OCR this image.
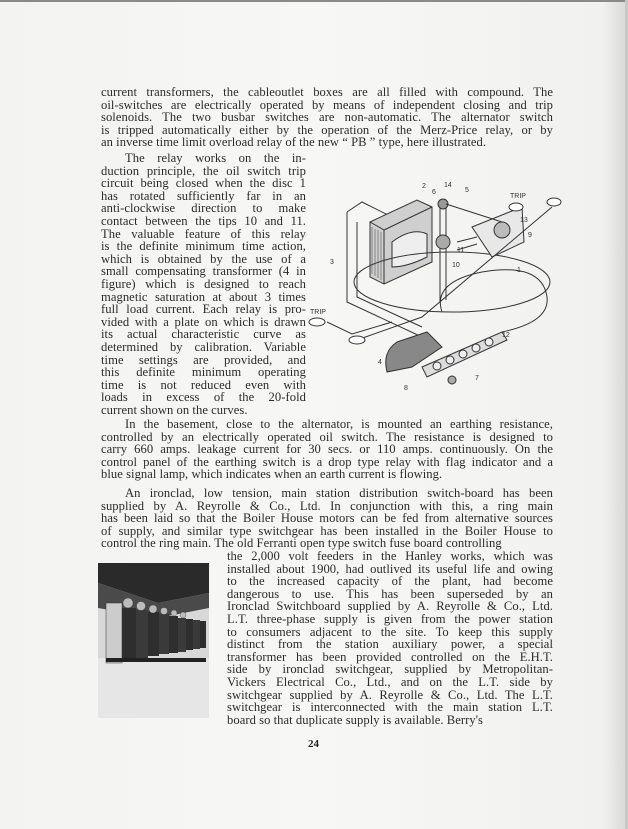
current transformers, the cableoutlet boxes are all filled with compound. The
oil-switches are electrically operated by means of independent closing and trip
solenoids. The two busbar switches are non-automatic. The alternator switch
is tripped automatically either by the operation of the Merz-Price relay, or by
an inverse time limit overload relay of the new “ PB ” type, here illustrated.
The relay works on the in-
duction principle, the oil switch trip
circuit being closed when the disc 1
has rotated sufficiently far in an
anti-clockwise direction to make
contact between the tips 10 and 11.
The valuable feature of this relay
is the definite minimum time action,
which is obtained by the use of a
small compensating transformer (4 in
figure) which is designed to reach
magnetic saturation at about 3 times
full load current. Each relay is pro-
vided with a plate on which is drawn
its actual characteristic curve as
determined by calibration. Variable
time settings are provided, and
this definite minimum operating
time is not reduced even with
loads in excess of the 20-fold
current shown on the curves.
In the basement, close to the alternator, is mounted an earthing resistance,
controlled by an electrically operated oil switch. The resistance is designed to
carry 660 amps. leakage current for 30 secs. or 110 amps. continuously. On the
control panel of the earthing switch is a drop type relay with flag indicator and a
blue signal lamp, which indicates when an earth current is flowing.
An ironclad, low tension, main station distribution switch-board has been
supplied by A. Reyrolle & Co., Ltd. In conjunction with this, a ring main
has been laid so that the Boiler House motors can be fed from alternative sources
of supply, and similar type switchgear has been installed in the Boiler House to
control the ring main. The old Ferranti open type switch fuse board controlling
the 2,000 volt feeders in the Hanley works, which was
installed about 1900, had outlived its useful life and owing
to the increased capacity of the plant, had become
dangerous to use. This has been superseded by an
Ironclad Switchboard supplied by A. Reyrolle & Co., Ltd.
L.T. three-phase supply is given from the power station
to consumers adjacent to the site. To keep this supply
distinct from the station auxiliary power, a special
transformer has been provided controlled on the E.H.T.
side by ironclad switchgear, supplied by Metropolitan-
Vickers Electrical Co., Ltd., and on the L.T. side by
switchgear supplied by A. Reyrolle & Co., Ltd. The L.T.
switchgear is interconnected with the main station L.T.
board so that duplicate supply is available. Berry's
TRIP
TRIP
1
2
3
4
5
6
7
8
9
10
11
12
13
14
24
